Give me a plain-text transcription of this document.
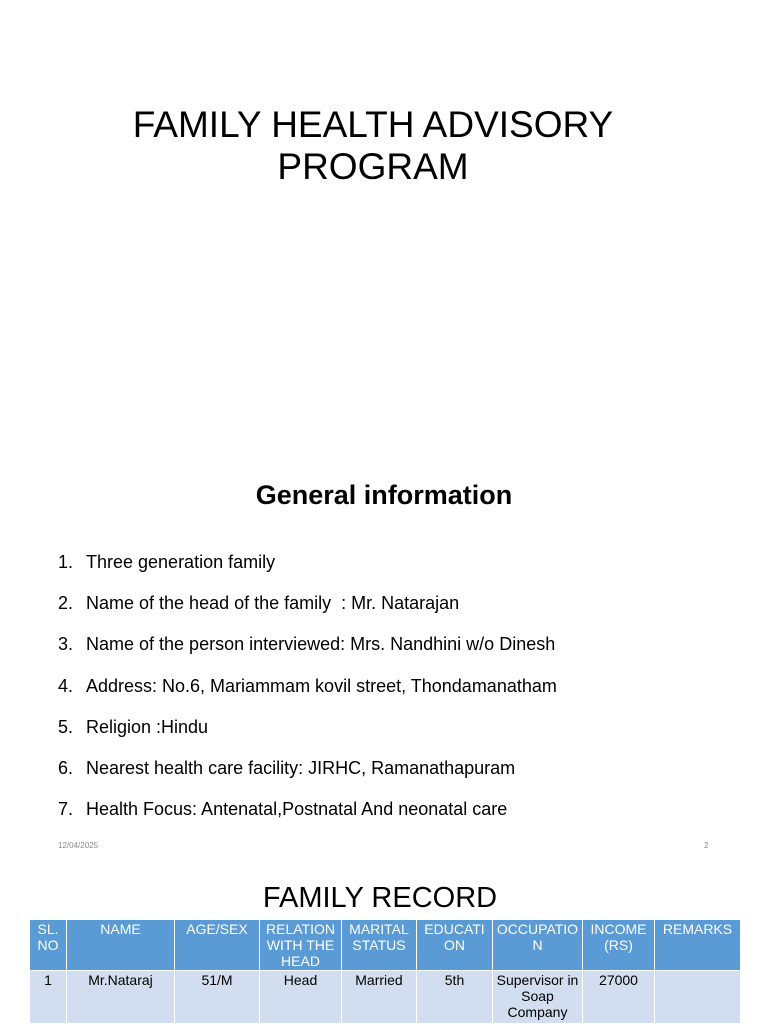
FAMILY HEALTH ADVISORY
PROGRAM
General information
1. Three generation family
2. Name of the head of the family  : Mr. Natarajan
3. Name of the person interviewed: Mrs. Nandhini w/o Dinesh
4. Address: No.6, Mariammam kovil street, Thondamanatham
5. Religion :Hindu
6. Nearest health care facility: JIRHC, Ramanathapuram
7. Health Focus: Antenatal,Postnatal And neonatal care
12/04/2025	2
FAMILY RECORD
SL. NO	NAME	AGE/SEX	RELATION WITH THE HEAD	MARITAL STATUS	EDUCATION	OCCUPATION	INCOME (RS)	REMARKS
1	Mr.Nataraj	51/M	Head	Married	5th	Supervisor in Soap Company	27000	
